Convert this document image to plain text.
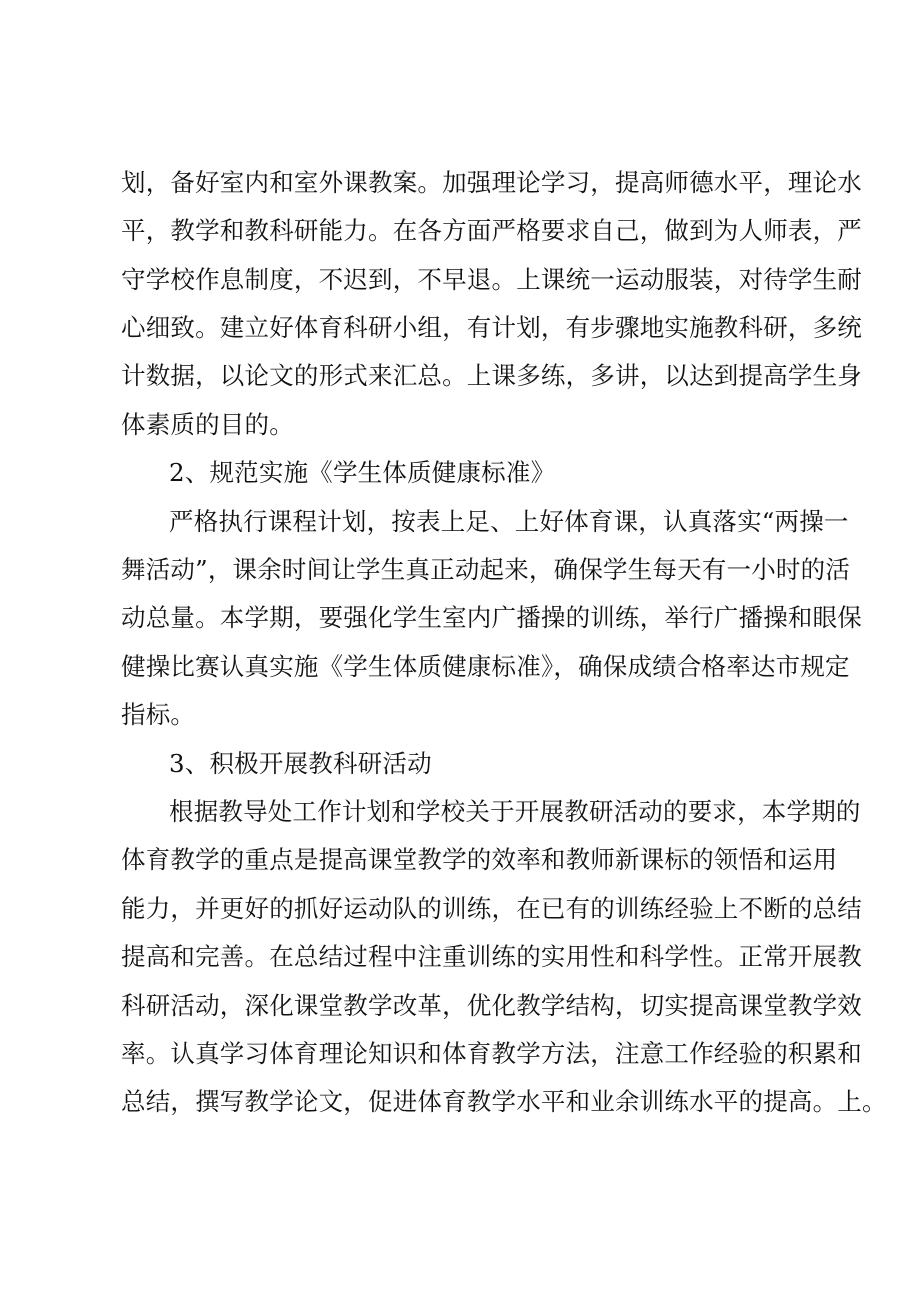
划，备好室内和室外课教案。加强理论学习，提高师德水平，理论水
平，教学和教科研能力。在各方面严格要求自己，做到为人师表，严
守学校作息制度，不迟到，不早退。上课统一运动服装，对待学生耐
心细致。建立好体育科研小组，有计划，有步骤地实施教科研，多统
计数据，以论文的形式来汇总。上课多练，多讲，以达到提高学生身
体素质的目的。
2、规范实施《学生体质健康标准》
严格执行课程计划，按表上足、上好体育课，认真落实“两操一
舞活动”，课余时间让学生真正动起来，确保学生每天有一小时的活
动总量。本学期，要强化学生室内广播操的训练，举行广播操和眼保
健操比赛认真实施《学生体质健康标准》，确保成绩合格率达市规定
指标。
3、积极开展教科研活动
根据教导处工作计划和学校关于开展教研活动的要求，本学期的
体育教学的重点是提高课堂教学的效率和教师新课标的领悟和运用
能力，并更好的抓好运动队的训练，在已有的训练经验上不断的总结
提高和完善。在总结过程中注重训练的实用性和科学性。正常开展教
科研活动，深化课堂教学改革，优化教学结构，切实提高课堂教学效
率。认真学习体育理论知识和体育教学方法，注意工作经验的积累和
总结，撰写教学论文，促进体育教学水平和业余训练水平的提高。上。
